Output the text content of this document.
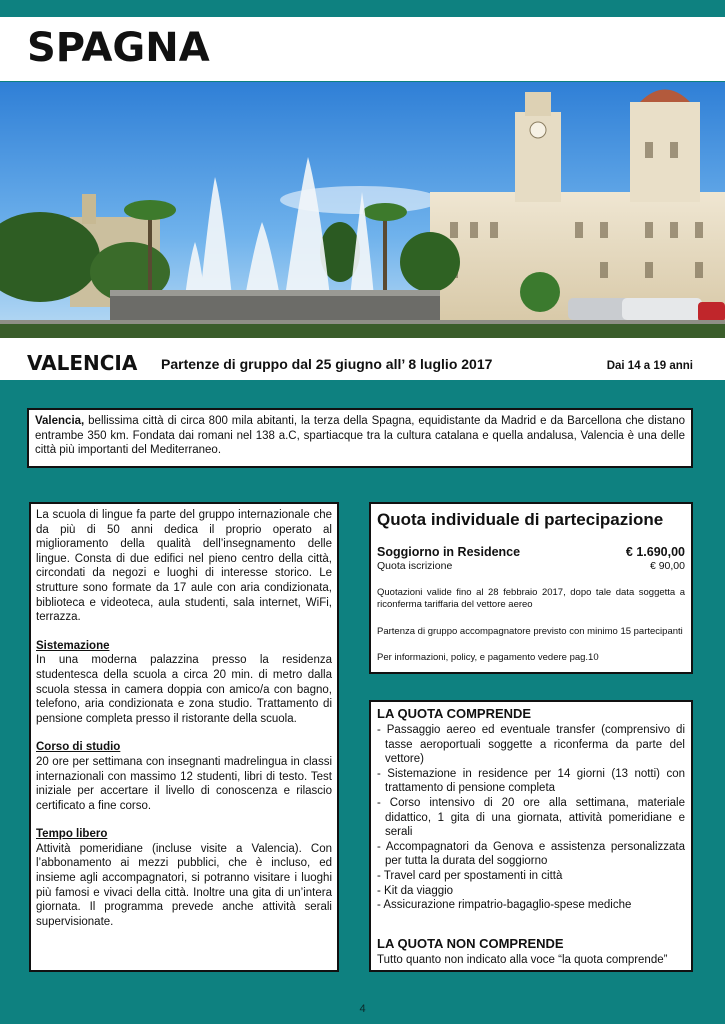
SPAGNA
VALENCIA Partenze di gruppo dal 25 giugno all’ 8 luglio 2017	Dai 14 a 19 anni

Valencia, bellissima città di circa 800 mila abitanti, la terza della Spagna, equidistante da Madrid e da Barcellona che distano entrambe 350 km. Fondata dai romani nel 138 a.C, spartiacque tra la cultura catalana e quella andalusa, Valencia è una delle città più importanti del Mediterraneo.

La scuola di lingue fa parte del gruppo internazionale che da più di 50 anni dedica il proprio operato al miglioramento della qualità dell’insegnamento delle lingue. Consta di due edifici nel pieno centro della città, circondati da negozi e luoghi di interesse storico. Le strutture sono formate da 17 aule con aria condizionata, biblioteca e videoteca, aula studenti, sala internet, WiFi, terrazza.

Sistemazione

In una moderna palazzina presso la residenza studentesca della scuola a circa 20 min. di metro dalla scuola stessa in camera doppia con amico/a con bagno, telefono, aria condizionata e zona studio. Trattamento di pensione completa presso il ristorante della scuola.

Corso di studio

20 ore per settimana con insegnanti madrelingua in classi internazionali con massimo 12 studenti, libri di testo. Test iniziale per accertare il livello di conoscenza e rilascio certificato a fine corso.

Tempo libero

Attività pomeridiane (incluse visite a Valencia). Con l’abbonamento ai mezzi pubblici, che è incluso, ed insieme agli accompagnatori, si potranno visitare i luoghi più famosi e vivaci della città. Inoltre una gita di un’intera giornata. Il programma prevede anche attività serali supervisionate.

Quota individuale di partecipazione
Soggiorno in Residence	€ 1.690,00
Quota iscrizione	€ 90,00

Quotazioni valide fino al 28 febbraio 2017, dopo tale data soggetta a riconferma tariffaria del vettore aereo

Partenza di gruppo accompagnatore previsto con minimo 15 partecipanti

Per informazioni, policy, e pagamento vedere pag.10

LA QUOTA COMPRENDE
- Passaggio aereo ed eventuale transfer (comprensivo di tasse aeroportuali soggette a riconferma da parte del vettore)
- Sistemazione in residence per 14 giorni (13 notti) con trattamento di pensione completa
- Corso intensivo di 20 ore alla settimana, materiale didattico, 1 gita di una giornata, attività pomeridiane e serali
- Accompagnatori da Genova e assistenza personalizzata per tutta la durata del soggiorno
- Travel card per spostamenti in città
- Kit da viaggio
- Assicurazione rimpatrio-bagaglio-spese mediche
LA QUOTA NON COMPRENDE
Tutto quanto non indicato alla voce “la quota comprende”
4
